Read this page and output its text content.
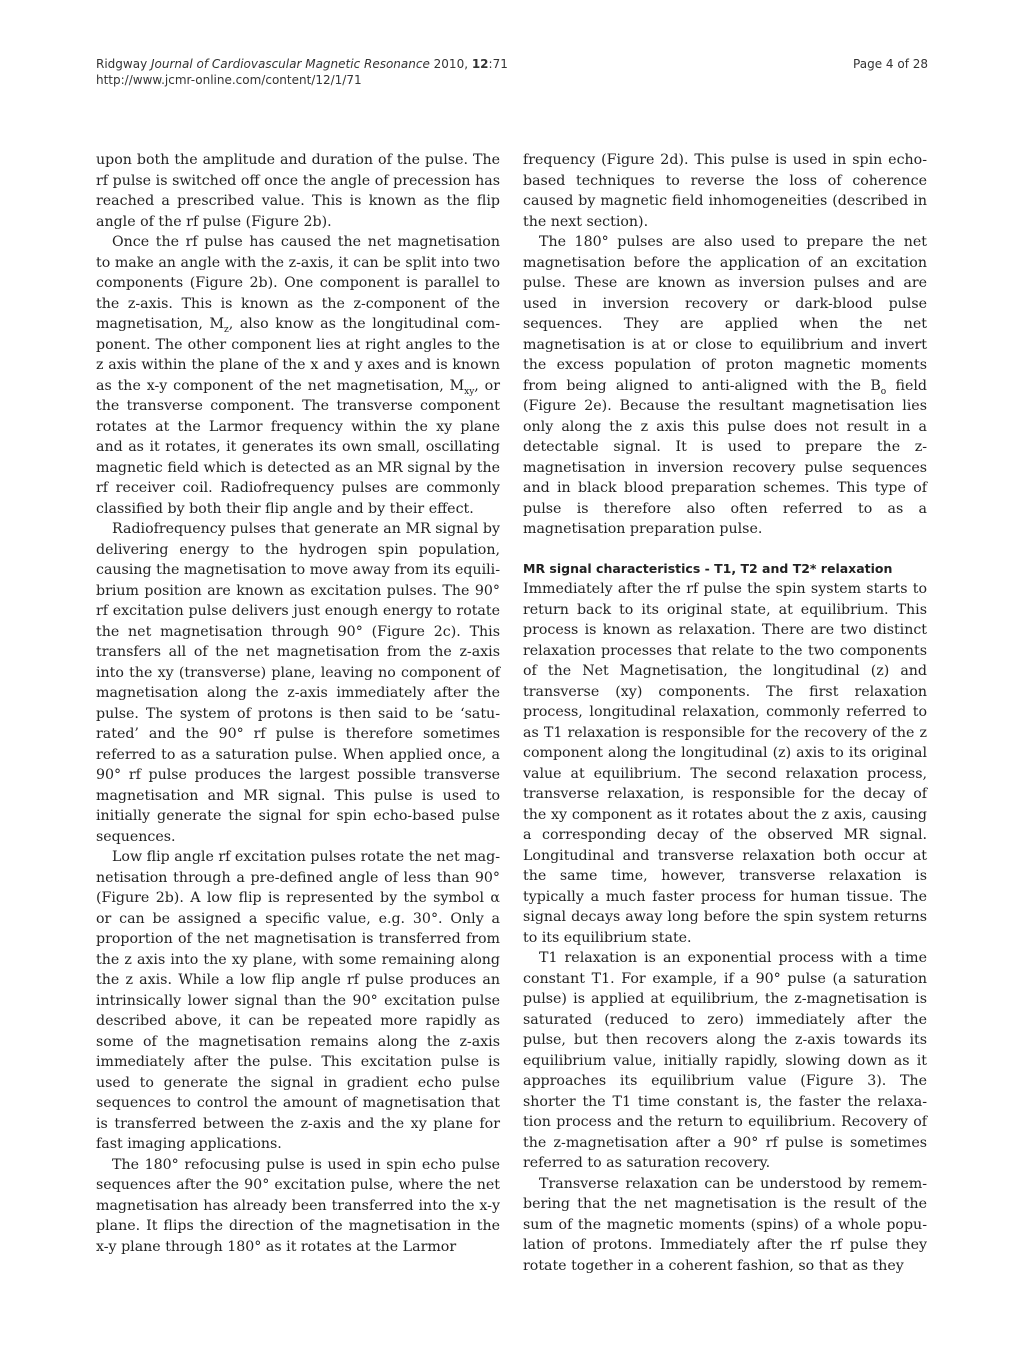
Ridgway Journal of Cardiovascular Magnetic Resonance 2010, 12:71
http://www.jcmr-online.com/content/12/1/71
Page 4 of 28

upon both the amplitude and duration of the pulse. The rf pulse is switched off once the angle of precession has reached a prescribed value. This is known as the flip angle of the rf pulse (Figure 2b).

Once the rf pulse has caused the net magnetisation to make an angle with the z-axis, it can be split into two components (Figure 2b). One component is parallel to the z-axis. This is known as the z-component of the magnetisation, $M_z$, also know as the longitudinal component. The other component lies at right angles to the z axis within the plane of the x and y axes and is known as the x-y component of the net magnetisation, $M_{xy}$, or the transverse component. The transverse component rotates at the Larmor frequency within the xy plane and as it rotates, it generates its own small, oscillating magnetic field which is detected as an MR signal by the rf receiver coil. Radiofrequency pulses are commonly classified by both their flip angle and by their effect.

Radiofrequency pulses that generate an MR signal by delivering energy to the hydrogen spin population, causing the magnetisation to move away from its equilibrium position are known as excitation pulses. The 90° rf excitation pulse delivers just enough energy to rotate the net magnetisation through 90° (Figure 2c). This transfers all of the net magnetisation from the z-axis into the xy (transverse) plane, leaving no component of magnetisation along the z-axis immediately after the pulse. The system of protons is then said to be ‘saturated’ and the 90° rf pulse is therefore sometimes referred to as a saturation pulse. When applied once, a 90° rf pulse produces the largest possible transverse magnetisation and MR signal. This pulse is used to initially generate the signal for spin echo-based pulse sequences.

Low flip angle rf excitation pulses rotate the net magnetisation through a pre-defined angle of less than 90° (Figure 2b). A low flip is represented by the symbol α or can be assigned a specific value, e.g. 30°. Only a proportion of the net magnetisation is transferred from the z axis into the xy plane, with some remaining along the z axis. While a low flip angle rf pulse produces an intrinsically lower signal than the 90° excitation pulse described above, it can be repeated more rapidly as some of the magnetisation remains along the z-axis immediately after the pulse. This excitation pulse is used to generate the signal in gradient echo pulse sequences to control the amount of magnetisation that is transferred between the z-axis and the xy plane for fast imaging applications.

The 180° refocusing pulse is used in spin echo pulse sequences after the 90° excitation pulse, where the net magnetisation has already been transferred into the x-y plane. It flips the direction of the magnetisation in the x-y plane through 180° as it rotates at the Larmor

frequency (Figure 2d). This pulse is used in spin echo-based techniques to reverse the loss of coherence caused by magnetic field inhomogeneities (described in the next section).

The 180° pulses are also used to prepare the net magnetisation before the application of an excitation pulse. These are known as inversion pulses and are used in inversion recovery or dark-blood pulse sequences. They are applied when the net magnetisation is at or close to equilibrium and invert the excess population of proton magnetic moments from being aligned to anti-aligned with the $B_o$ field (Figure 2e). Because the resultant magnetisation lies only along the z axis this pulse does not result in a detectable signal. It is used to prepare the z-magnetisation in inversion recovery pulse sequences and in black blood preparation schemes. This type of pulse is therefore also often referred to as a magnetisation preparation pulse.

MR signal characteristics - T1, T2 and T2* relaxation

Immediately after the rf pulse the spin system starts to return back to its original state, at equilibrium. This process is known as relaxation. There are two distinct relaxation processes that relate to the two components of the Net Magnetisation, the longitudinal (z) and transverse (xy) components. The first relaxation process, longitudinal relaxation, commonly referred to as T1 relaxation is responsible for the recovery of the z component along the longitudinal (z) axis to its original value at equilibrium. The second relaxation process, transverse relaxation, is responsible for the decay of the xy component as it rotates about the z axis, causing a corresponding decay of the observed MR signal. Longitudinal and transverse relaxation both occur at the same time, however, transverse relaxation is typically a much faster process for human tissue. The signal decays away long before the spin system returns to its equilibrium state.

T1 relaxation is an exponential process with a time constant T1. For example, if a 90° pulse (a saturation pulse) is applied at equilibrium, the z-magnetisation is saturated (reduced to zero) immediately after the pulse, but then recovers along the z-axis towards its equilibrium value, initially rapidly, slowing down as it approaches its equilibrium value (Figure 3). The shorter the T1 time constant is, the faster the relaxation process and the return to equilibrium. Recovery of the z-magnetisation after a 90° rf pulse is sometimes referred to as saturation recovery.

Transverse relaxation can be understood by remembering that the net magnetisation is the result of the sum of the magnetic moments (spins) of a whole population of protons. Immediately after the rf pulse they rotate together in a coherent fashion, so that as they
